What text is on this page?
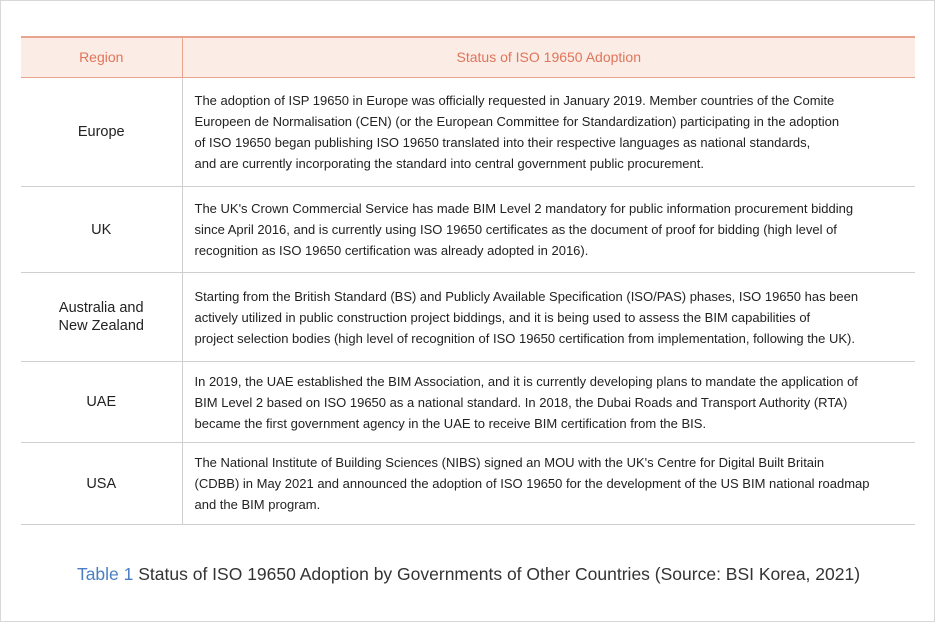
Region	Status of ISO 19650 Adoption

Europe	The adoption of ISP 19650 in Europe was officially requested in January 2019. Member countries of the Comite
Europeen de Normalisation (CEN) (or the European Committee for Standardization) participating in the adoption
of ISO 19650 began publishing ISO 19650 translated into their respective languages as national standards,
and are currently incorporating the standard into central government public procurement.

UK	The UK's Crown Commercial Service has made BIM Level 2 mandatory for public information procurement bidding
since April 2016, and is currently using ISO 19650 certificates as the document of proof for bidding (high level of
recognition as ISO 19650 certification was already adopted in 2016).

Australia and
New Zealand	Starting from the British Standard (BS) and Publicly Available Specification (ISO/PAS) phases, ISO 19650 has been
actively utilized in public construction project biddings, and it is being used to assess the BIM capabilities of
project selection bodies (high level of recognition of ISO 19650 certification from implementation, following the UK).

UAE	In 2019, the UAE established the BIM Association, and it is currently developing plans to mandate the application of
BIM Level 2 based on ISO 19650 as a national standard. In 2018, the Dubai Roads and Transport Authority (RTA)
became the first government agency in the UAE to receive BIM certification from the BIS.

USA	The National Institute of Building Sciences (NIBS) signed an MOU with the UK's Centre for Digital Built Britain
(CDBB) in May 2021 and announced the adoption of ISO 19650 for the development of the US BIM national roadmap
and the BIM program.
Table 1 Status of ISO 19650 Adoption by Governments of Other Countries (Source: BSI Korea, 2021)
